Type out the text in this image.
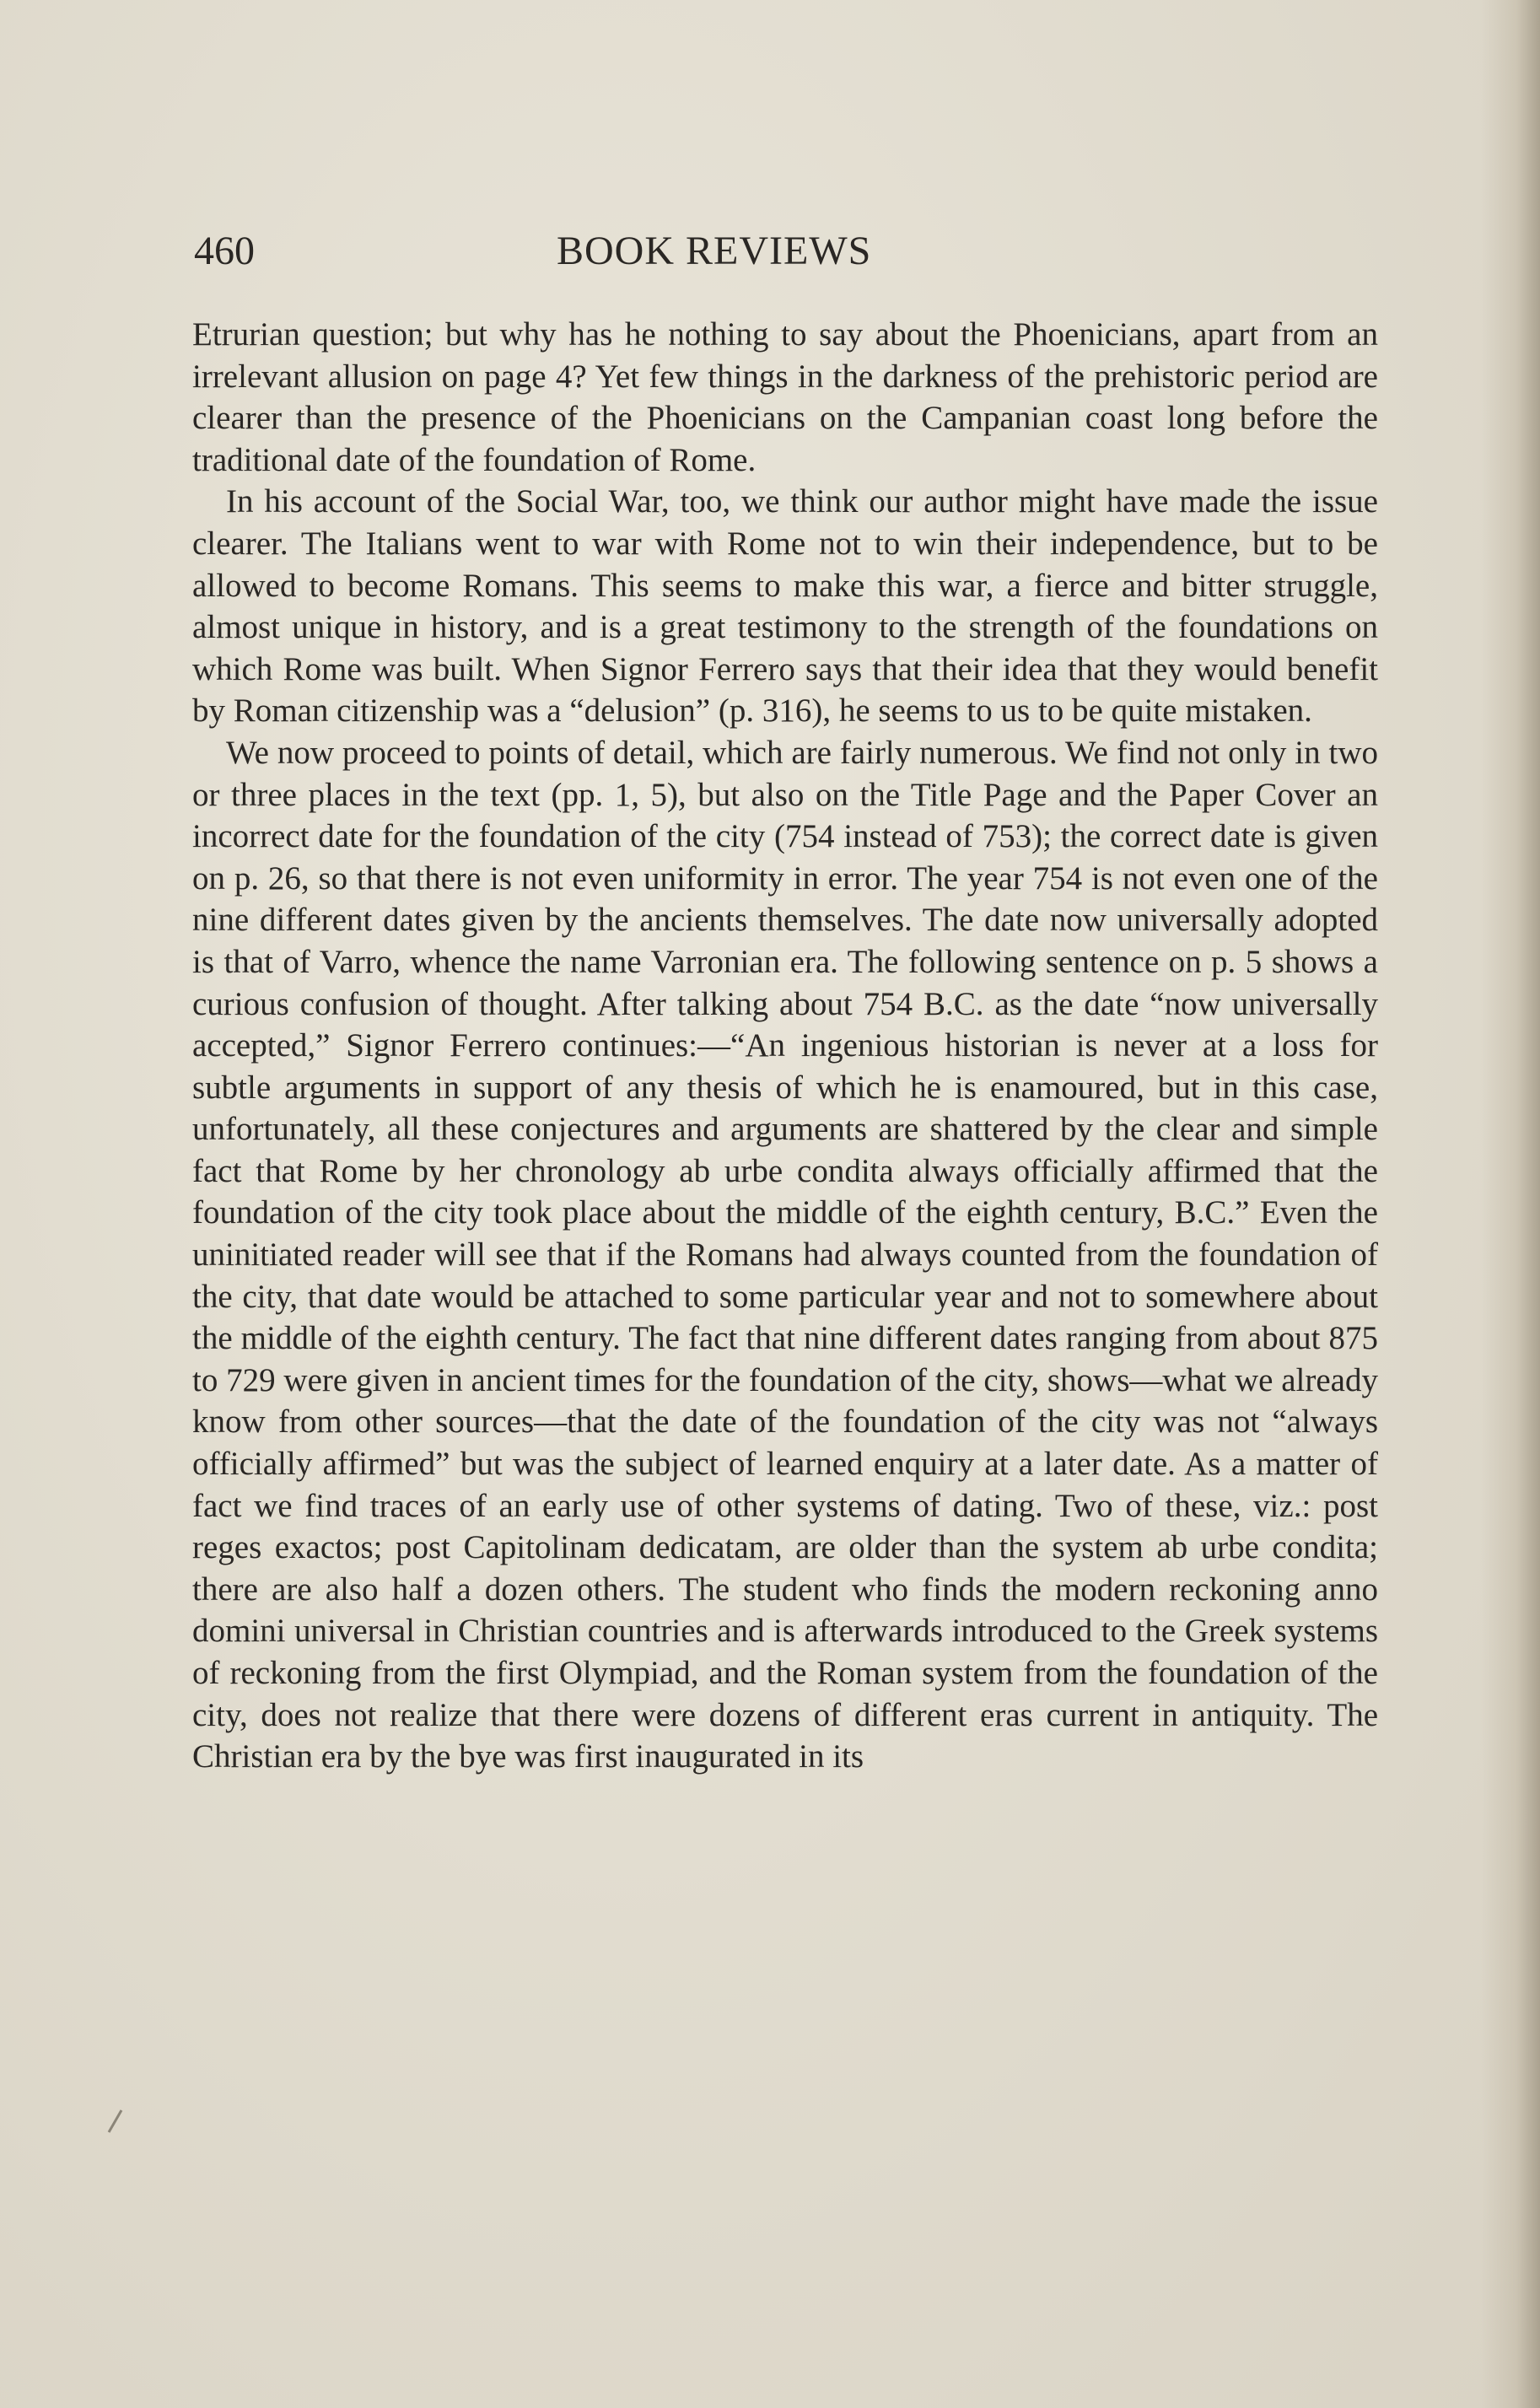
460	BOOK REVIEWS

Etrurian question; but why has he nothing to say about the Phoenicians, apart from an irrelevant allusion on page 4? Yet few things in the darkness of the prehistoric period are clearer than the presence of the Phoenicians on the Campanian coast long before the traditional date of the foundation of Rome.

In his account of the Social War, too, we think our author might have made the issue clearer. The Italians went to war with Rome not to win their independence, but to be allowed to become Romans. This seems to make this war, a fierce and bitter struggle, almost unique in history, and is a great testimony to the strength of the foundations on which Rome was built. When Signor Ferrero says that their idea that they would benefit by Roman citizenship was a “delusion” (p. 316), he seems to us to be quite mistaken.

We now proceed to points of detail, which are fairly numerous. We find not only in two or three places in the text (pp. 1, 5), but also on the Title Page and the Paper Cover an incorrect date for the foundation of the city (754 instead of 753); the correct date is given on p. 26, so that there is not even uniformity in error. The year 754 is not even one of the nine different dates given by the ancients themselves. The date now universally adopted is that of Varro, whence the name Varronian era. The following sentence on p. 5 shows a curious confusion of thought. After talking about 754 B.C. as the date “now universally accepted,” Signor Ferrero continues:—“An ingenious historian is never at a loss for subtle arguments in support of any thesis of which he is enamoured, but in this case, unfortunately, all these conjectures and arguments are shattered by the clear and simple fact that Rome by her chronology ab urbe condita always officially affirmed that the foundation of the city took place about the middle of the eighth century, B.C.” Even the uninitiated reader will see that if the Romans had always counted from the foundation of the city, that date would be attached to some particular year and not to somewhere about the middle of the eighth century. The fact that nine different dates ranging from about 875 to 729 were given in ancient times for the foundation of the city, shows—what we already know from other sources—that the date of the foundation of the city was not “always officially affirmed” but was the subject of learned enquiry at a later date. As a matter of fact we find traces of an early use of other systems of dating. Two of these, viz.: post reges exactos; post Capitolinam dedicatam, are older than the system ab urbe condita; there are also half a dozen others. The student who finds the modern reckoning anno domini universal in Christian countries and is afterwards introduced to the Greek systems of reckoning from the first Olympiad, and the Roman system from the foundation of the city, does not realize that there were dozens of different eras current in antiquity. The Christian era by the bye was first inaugurated in its
